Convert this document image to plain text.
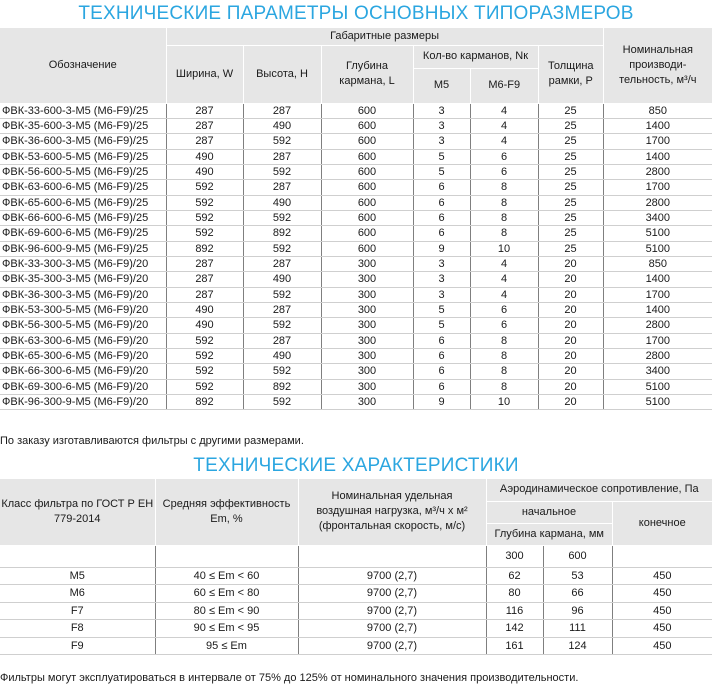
ТЕХНИЧЕСКИЕ ПАРАМЕТРЫ ОСНОВНЫХ ТИПОРАЗМЕРОВ
Обозначение	Габаритные размеры						Номинальная производи-тельность, м³/ч
	Ширина, W	Высота, H	Глубина кармана, L	Кол-во карманов, Nк		Толщина рамки, P	
				M5	M6-F9		
ФВК-33-600-3-M5 (M6-F9)/25	287	287	600	3	4	25	850
ФВК-35-600-3-M5 (M6-F9)/25	287	490	600	3	4	25	1400
ФВК-36-600-3-M5 (M6-F9)/25	287	592	600	3	4	25	1700
ФВК-53-600-5-M5 (M6-F9)/25	490	287	600	5	6	25	1400
ФВК-56-600-5-M5 (M6-F9)/25	490	592	600	5	6	25	2800
ФВК-63-600-6-M5 (M6-F9)/25	592	287	600	6	8	25	1700
ФВК-65-600-6-M5 (M6-F9)/25	592	490	600	6	8	25	2800
ФВК-66-600-6-M5 (M6-F9)/25	592	592	600	6	8	25	3400
ФВК-69-600-6-M5 (M6-F9)/25	592	892	600	6	8	25	5100
ФВК-96-600-9-M5 (M6-F9)/25	892	592	600	9	10	25	5100
ФВК-33-300-3-M5 (M6-F9)/20	287	287	300	3	4	20	850
ФВК-35-300-3-M5 (M6-F9)/20	287	490	300	3	4	20	1400
ФВК-36-300-3-M5 (M6-F9)/20	287	592	300	3	4	20	1700
ФВК-53-300-5-M5 (M6-F9)/20	490	287	300	5	6	20	1400
ФВК-56-300-5-M5 (M6-F9)/20	490	592	300	5	6	20	2800
ФВК-63-300-6-M5 (M6-F9)/20	592	287	300	6	8	20	1700
ФВК-65-300-6-M5 (M6-F9)/20	592	490	300	6	8	20	2800
ФВК-66-300-6-M5 (M6-F9)/20	592	592	300	6	8	20	3400
ФВК-69-300-6-M5 (M6-F9)/20	592	892	300	6	8	20	5100
ФВК-96-300-9-M5 (M6-F9)/20	892	592	300	9	10	20	5100
По заказу изготавливаются фильтры с другими размерами.
ТЕХНИЧЕСКИЕ ХАРАКТЕРИСТИКИ
Класс фильтра по ГОСТ Р ЕН 779-2014	Средняя эффективность Em, %	Номинальная удельная воздушная нагрузка, м³/ч х м² (фронтальная скорость, м/с)	Аэродинамическое сопротивление, Па		
			начальное		конечное
			Глубина кармана, мм		
			300	600	
M5	40 ≤ Em < 60	9700 (2,7)	62	53	450
M6	60 ≤ Em < 80	9700 (2,7)	80	66	450
F7	80 ≤ Em < 90	9700 (2,7)	116	96	450
F8	90 ≤ Em < 95	9700 (2,7)	142	111	450
F9	95 ≤ Em	9700 (2,7)	161	124	450
Фильтры могут эксплуатироваться в интервале от 75% до 125% от номинального значения производительности.
